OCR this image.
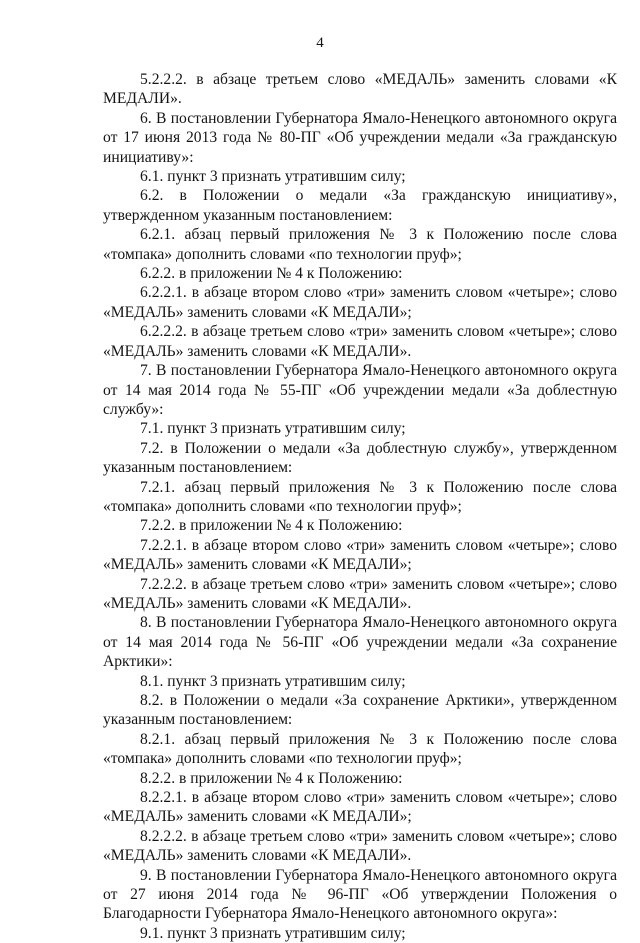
4

5.2.2.2. в абзаце третьем слово «МЕДАЛЬ» заменить словами «К МЕДАЛИ».

6. В постановлении Губернатора Ямало-Ненецкого автономного округа от 17 июня 2013 года № 80-ПГ «Об учреждении медали «За гражданскую инициативу»:

6.1. пункт 3 признать утратившим силу;

6.2. в Положении о медали «За гражданскую инициативу», утвержденном указанным постановлением:

6.2.1. абзац первый приложения № 3 к Положению после слова «томпака» дополнить словами «по технологии пруф»;

6.2.2. в приложении № 4 к Положению:

6.2.2.1. в абзаце втором слово «три» заменить словом «четыре»; слово «МЕДАЛЬ» заменить словами «К МЕДАЛИ»;

6.2.2.2. в абзаце третьем слово «три» заменить словом «четыре»; слово «МЕДАЛЬ» заменить словами «К МЕДАЛИ».

7. В постановлении Губернатора Ямало-Ненецкого автономного округа от 14 мая 2014 года № 55-ПГ «Об учреждении медали «За доблестную службу»:

7.1. пункт 3 признать утратившим силу;

7.2. в Положении о медали «За доблестную службу», утвержденном указанным постановлением:

7.2.1. абзац первый приложения № 3 к Положению после слова «томпака» дополнить словами «по технологии пруф»;

7.2.2. в приложении № 4 к Положению:

7.2.2.1. в абзаце втором слово «три» заменить словом «четыре»; слово «МЕДАЛЬ» заменить словами «К МЕДАЛИ»;

7.2.2.2. в абзаце третьем слово «три» заменить словом «четыре»; слово «МЕДАЛЬ» заменить словами «К МЕДАЛИ».

8. В постановлении Губернатора Ямало-Ненецкого автономного округа от 14 мая 2014 года № 56-ПГ «Об учреждении медали «За сохранение Арктики»:

8.1. пункт 3 признать утратившим силу;

8.2. в Положении о медали «За сохранение Арктики», утвержденном указанным постановлением:

8.2.1. абзац первый приложения № 3 к Положению после слова «томпака» дополнить словами «по технологии пруф»;

8.2.2. в приложении № 4 к Положению:

8.2.2.1. в абзаце втором слово «три» заменить словом «четыре»; слово «МЕДАЛЬ» заменить словами «К МЕДАЛИ»;

8.2.2.2. в абзаце третьем слово «три» заменить словом «четыре»; слово «МЕДАЛЬ» заменить словами «К МЕДАЛИ».

9. В постановлении Губернатора Ямало-Ненецкого автономного округа от 27 июня 2014 года № 96-ПГ «Об утверждении Положения о Благодарности Губернатора Ямало-Ненецкого автономного округа»:

9.1. пункт 3 признать утратившим силу;
